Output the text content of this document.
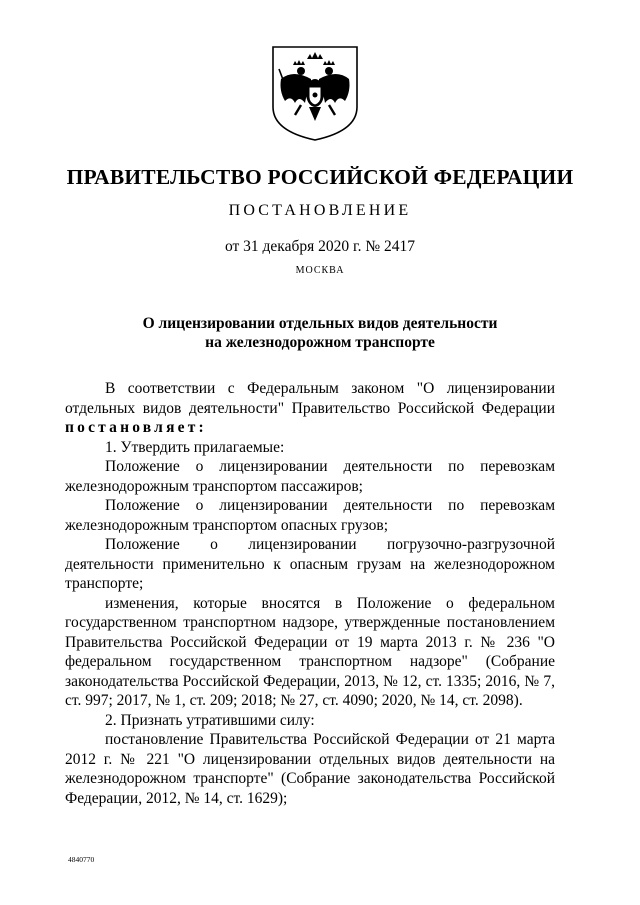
ПРАВИТЕЛЬСТВО РОССИЙСКОЙ ФЕДЕРАЦИИ
ПОСТАНОВЛЕНИЕ
от 31 декабря 2020 г. № 2417
МОСКВА
О лицензировании отдельных видов деятельности
на железнодорожном транспорте

В соответствии с Федеральным законом "О лицензировании отдельных видов деятельности" Правительство Российской Федерации постановляет:

1. Утвердить прилагаемые:

Положение о лицензировании деятельности по перевозкам железнодорожным транспортом пассажиров;

Положение о лицензировании деятельности по перевозкам железнодорожным транспортом опасных грузов;

Положение о лицензировании погрузочно-разгрузочной деятельности применительно к опасным грузам на железнодорожном транспорте;

изменения, которые вносятся в Положение о федеральном государственном транспортном надзоре, утвержденные постановлением Правительства Российской Федерации от 19 марта 2013 г. № 236 "О федеральном государственном транспортном надзоре" (Собрание законодательства Российской Федерации, 2013, № 12, ст. 1335; 2016, № 7, ст. 997; 2017, № 1, ст. 209; 2018; № 27, ст. 4090; 2020, № 14, ст. 2098).

2. Признать утратившими силу:

постановление Правительства Российской Федерации от 21 марта 2012 г. № 221 "О лицензировании отдельных видов деятельности на железнодорожном транспорте" (Собрание законодательства Российской Федерации, 2012, № 14, ст. 1629);

4840770
